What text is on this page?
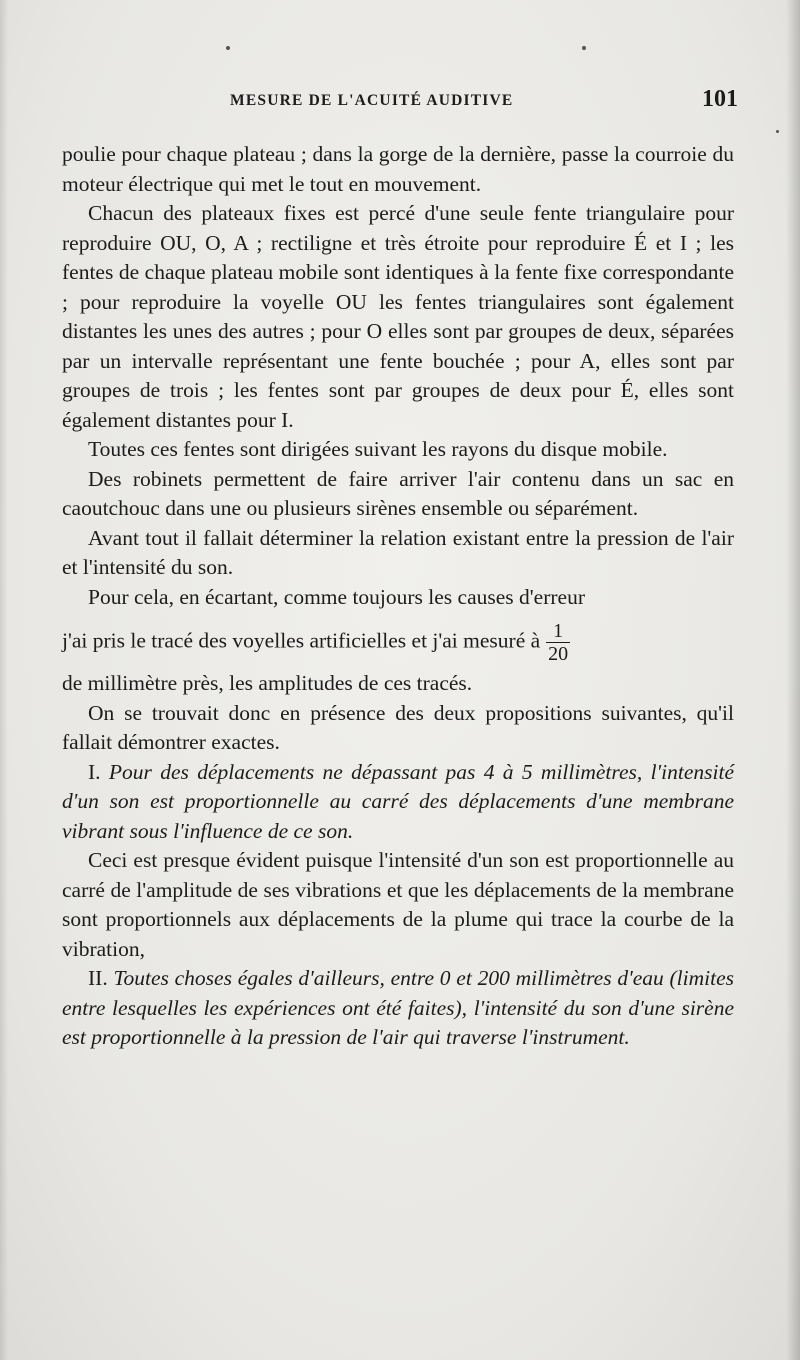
MESURE DE L'ACUITÉ AUDITIVE	101

poulie pour chaque plateau ; dans la gorge de la dernière, passe la courroie du moteur électrique qui met le tout en mouvement.

Chacun des plateaux fixes est percé d'une seule fente triangulaire pour reproduire OU, O, A ; rectiligne et très étroite pour reproduire É et I ; les fentes de chaque plateau mobile sont identiques à la fente fixe correspondante ; pour reproduire la voyelle OU les fentes triangulaires sont également distantes les unes des autres ; pour O elles sont par groupes de deux, séparées par un intervalle représentant une fente bouchée ; pour A, elles sont par groupes de trois ; les fentes sont par groupes de deux pour É, elles sont également distantes pour I.

Toutes ces fentes sont dirigées suivant les rayons du disque mobile.

Des robinets permettent de faire arriver l'air contenu dans un sac en caoutchouc dans une ou plusieurs sirènes ensemble ou séparément.

Avant tout il fallait déterminer la relation existant entre la pression de l'air et l'intensité du son.

Pour cela, en écartant, comme toujours les causes d'erreur

j'ai pris le tracé des voyelles artificielles et j'ai mesuré à $\frac{1}{20}$

de millimètre près, les amplitudes de ces tracés.

On se trouvait donc en présence des deux propositions suivantes, qu'il fallait démontrer exactes.

I. Pour des déplacements ne dépassant pas 4 à 5 millimètres, l'intensité d'un son est proportionnelle au carré des déplacements d'une membrane vibrant sous l'influence de ce son.

Ceci est presque évident puisque l'intensité d'un son est proportionnelle au carré de l'amplitude de ses vibrations et que les déplacements de la membrane sont proportionnels aux déplacements de la plume qui trace la courbe de la vibration,

II. Toutes choses égales d'ailleurs, entre 0 et 200 millimètres d'eau (limites entre lesquelles les expériences ont été faites), l'intensité du son d'une sirène est proportionnelle à la pression de l'air qui traverse l'instrument.
